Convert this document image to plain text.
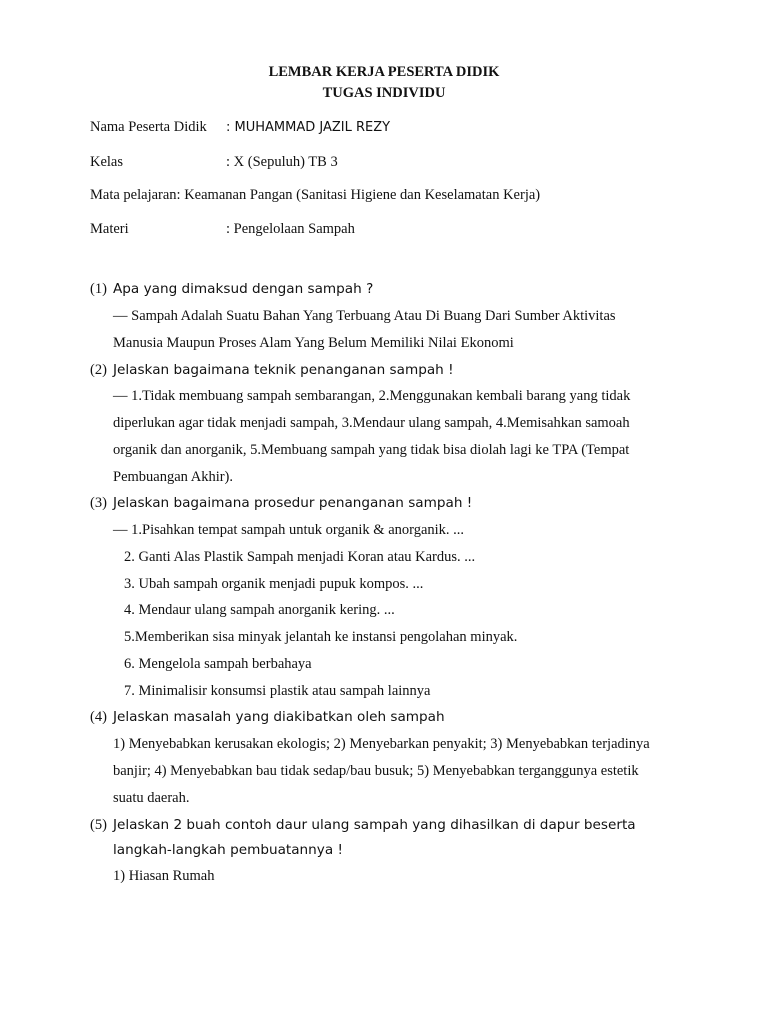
LEMBAR KERJA PESERTA DIDIK
TUGAS INDIVIDU
Nama Peserta Didik : MUHAMMAD JAZIL REZY
Kelas	: X (Sepuluh) TB 3
Mata pelajaran: Keamanan Pangan (Sanitasi Higiene dan Keselamatan Kerja)
Materi	: Pengelolaan Sampah
(1) Apa yang dimaksud dengan sampah ?
— Sampah Adalah Suatu Bahan Yang Terbuang Atau Di Buang Dari Sumber Aktivitas
Manusia Maupun Proses Alam Yang Belum Memiliki Nilai Ekonomi
(2) Jelaskan bagaimana teknik penanganan sampah !
— 1.Tidak membuang sampah sembarangan, 2.Menggunakan kembali barang yang tidak
diperlukan agar tidak menjadi sampah, 3.Mendaur ulang sampah, 4.Memisahkan samoah
organik dan anorganik, 5.Membuang sampah yang tidak bisa diolah lagi ke TPA (Tempat
Pembuangan Akhir).
(3) Jelaskan bagaimana prosedur penanganan sampah !
— 1.Pisahkan tempat sampah untuk organik & anorganik. ...
2. Ganti Alas Plastik Sampah menjadi Koran atau Kardus. ...
3. Ubah sampah organik menjadi pupuk kompos. ...
4. Mendaur ulang sampah anorganik kering. ...
5.Memberikan sisa minyak jelantah ke instansi pengolahan minyak.
6. Mengelola sampah berbahaya
7. Minimalisir konsumsi plastik atau sampah lainnya
(4) Jelaskan masalah yang diakibatkan oleh sampah
1) Menyebabkan kerusakan ekologis; 2) Menyebarkan penyakit; 3) Menyebabkan terjadinya
banjir; 4) Menyebabkan bau tidak sedap/bau busuk; 5) Menyebabkan terganggunya estetik
suatu daerah.
(5) Jelaskan 2 buah contoh daur ulang sampah yang dihasilkan di dapur beserta
langkah-langkah pembuatannya !
1) Hiasan Rumah
